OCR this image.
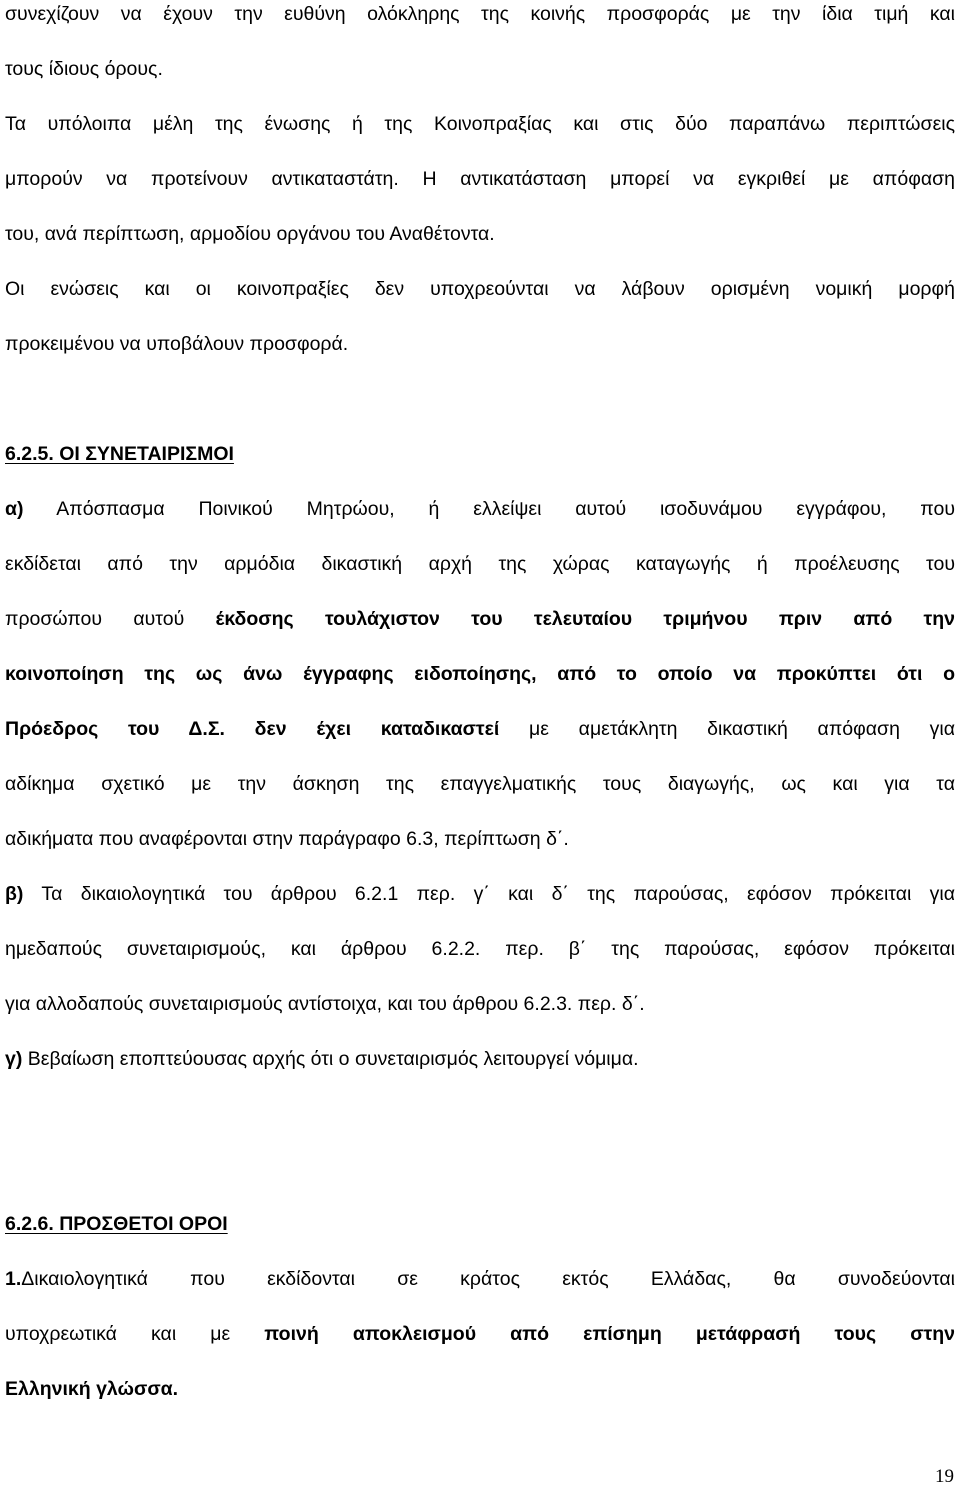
συνεχίζουν να έχουν την ευθύνη ολόκληρης της κοινής προσφοράς με την ίδια τιμή και
τους ίδιους όρους.
Τα υπόλοιπα μέλη της ένωσης ή της Κοινοπραξίας και στις δύο παραπάνω περιπτώσεις
μπορούν να προτείνουν αντικαταστάτη. Η αντικατάσταση μπορεί να εγκριθεί με απόφαση
του, ανά περίπτωση, αρμοδίου οργάνου του Αναθέτοντα.
Οι ενώσεις και οι κοινοπραξίες δεν υποχρεούνται να λάβουν ορισμένη νομική μορφή
προκειμένου να υποβάλουν προσφορά.
6.2.5. ΟΙ ΣΥΝΕΤΑΙΡΙΣΜΟΙ
α) Απόσπασμα Ποινικού Μητρώου, ή ελλείψει αυτού ισοδυνάμου εγγράφου, που
εκδίδεται από την αρμόδια δικαστική αρχή της χώρας καταγωγής ή προέλευσης του
προσώπου αυτού έκδοσης τουλάχιστον του τελευταίου τριμήνου πριν από την
κοινοποίηση της ως άνω έγγραφης ειδοποίησης, από το οποίο να προκύπτει ότι ο
Πρόεδρος του Δ.Σ. δεν έχει καταδικαστεί με αμετάκλητη δικαστική απόφαση για
αδίκημα σχετικό με την άσκηση της επαγγελματικής τους διαγωγής, ως και για τα
αδικήματα που αναφέρονται στην παράγραφο 6.3, περίπτωση δ΄.
β) Τα δικαιολογητικά του άρθρου 6.2.1 περ. γ΄ και δ΄ της παρούσας, εφόσον πρόκειται για
ημεδαπούς συνεταιρισμούς, και άρθρου 6.2.2. περ. β΄ της παρούσας, εφόσον πρόκειται
για αλλοδαπούς συνεταιρισμούς αντίστοιχα, και του άρθρου 6.2.3. περ. δ΄.
γ) Βεβαίωση εποπτεύουσας αρχής ότι ο συνεταιρισμός λειτουργεί νόμιμα.
6.2.6. ΠΡΟΣΘΕΤΟΙ ΟΡΟΙ
1.Δικαιολογητικά που εκδίδονται σε κράτος εκτός Ελλάδας, θα συνοδεύονται
υποχρεωτικά και με ποινή αποκλεισμού από επίσημη μετάφρασή τους στην
Ελληνική γλώσσα.
19
